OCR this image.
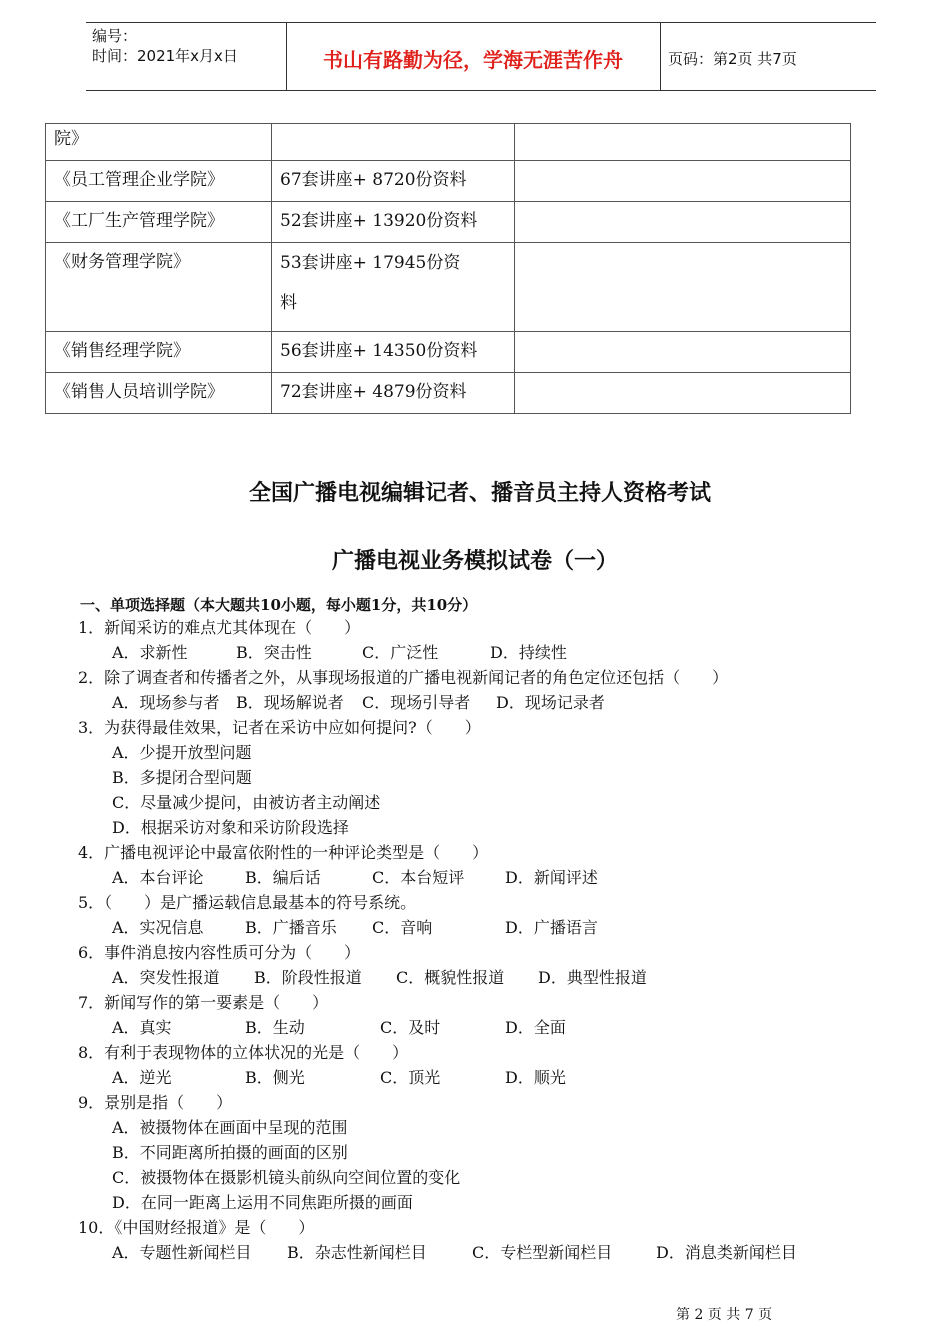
编号：
时间：2021年x月x日	书山有路勤为径，学海无涯苦作舟	页码：第2页 共7页
院》		
《员工管理企业学院》	67套讲座+ 8720份资料	
《工厂生产管理学院》	52套讲座+ 13920份资料	
《财务管理学院》	53套讲座+ 17945份资
料	

《销售经理学院》	56套讲座+ 14350份资料	
《销售人员培训学院》	72套讲座+ 4879份资料	
全国广播电视编辑记者、播音员主持人资格考试
广播电视业务模拟试卷（一）
一、单项选择题（本大题共10小题，每小题1分，共10分）
1．新闻采访的难点尤其体现在（　　）
A．求新性	B．突击性	C．广泛性	D．持续性
2．除了调查者和传播者之外，从事现场报道的广播电视新闻记者的角色定位还包括（　　）
A．现场参与者 B．现场解说者 C．现场引导者 D．现场记录者
3．为获得最佳效果，记者在采访中应如何提问?（　　）
A．少提开放型问题
B．多提闭合型问题
C．尽量减少提问，由被访者主动阐述
D．根据采访对象和采访阶段选择
4．广播电视评论中最富依附性的一种评论类型是（　　）
A．本台评论	B．编后话	C．本台短评	D．新闻评述
5．（　　）是广播运载信息最基本的符号系统。
A．实况信息	B．广播音乐 C．音响	D．广播语言
6．事件消息按内容性质可分为（　　）
A．突发性报道 B．阶段性报道 C．概貌性报道 D．典型性报道
7．新闻写作的第一要素是（　　）
A．真实	B．生动	C．及时	D．全面
8．有利于表现物体的立体状况的光是（　　）
A．逆光	B．侧光	C．顶光	D．顺光
9．景别是指（　　）
A．被摄物体在画面中呈现的范围
B．不同距离所拍摄的画面的区别
C．被摄物体在摄影机镜头前纵向空间位置的变化
D．在同一距离上运用不同焦距所摄的画面
10．《中国财经报道》是（　　）
A．专题性新闻栏目 B．杂志性新闻栏目	C．专栏型新闻栏目	D．消息类新闻栏目
第 2 页 共 7 页
